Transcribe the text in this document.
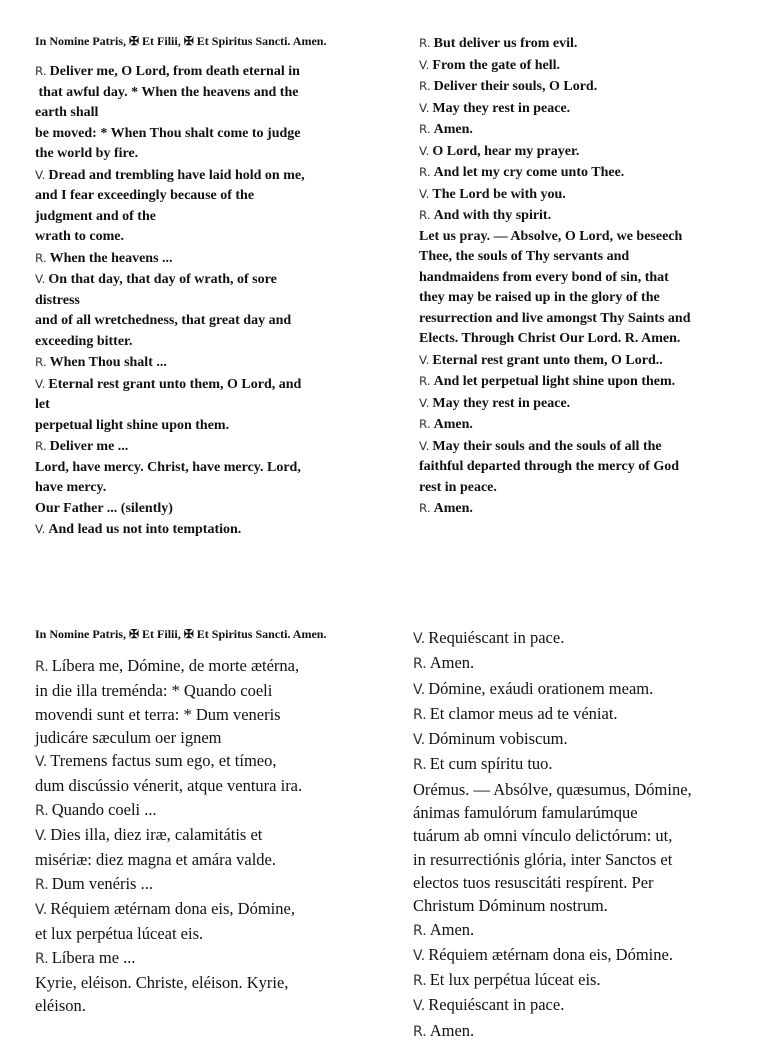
In Nomine Patris, ✠ Et Filii, ✠ Et Spiritus Sancti. Amen.
R. Deliver me, O Lord, from death eternal in
that awful day. * When the heavens and the
earth shall
be moved: * When Thou shalt come to judge
the world by fire.
V. Dread and trembling have laid hold on me,
and I fear exceedingly because of the
judgment and of the
wrath to come.
R. When the heavens ...
V. On that day, that day of wrath, of sore
distress
and of all wretchedness, that great day and
exceeding bitter.
R. When Thou shalt ...
V. Eternal rest grant unto them, O Lord, and
let
perpetual light shine upon them.
R. Deliver me ...
Lord, have mercy. Christ, have mercy. Lord,
have mercy.
Our Father ... (silently)
V. And lead us not into temptation.
R. But deliver us from evil.
V. From the gate of hell.
R. Deliver their souls, O Lord.
V. May they rest in peace.
R. Amen.
V. O Lord, hear my prayer.
R. And let my cry come unto Thee.
V. The Lord be with you.
R. And with thy spirit.
Let us pray. — Absolve, O Lord, we beseech
Thee, the souls of Thy servants and
handmaidens from every bond of sin, that
they may be raised up in the glory of the
resurrection and live amongst Thy Saints and
Elects. Through Christ Our Lord. R. Amen.
V. Eternal rest grant unto them, O Lord..
R. And let perpetual light shine upon them.
V. May they rest in peace.
R. Amen.
V. May their souls and the souls of all the
faithful departed through the mercy of God
rest in peace.
R. Amen.
In Nomine Patris, ✠ Et Filii, ✠ Et Spiritus Sancti. Amen.
R. Líbera me, Dómine, de morte ætérna,
in die illa treménda: * Quando coeli
movendi sunt et terra: * Dum veneris
judicáre sæculum oer ignem
V. Tremens factus sum ego, et tímeo,
dum discússio vénerit, atque ventura ira.
R. Quando coeli ...
V. Dies illa, diez iræ, calamitátis et
misériæ: diez magna et amára valde.
R. Dum venéris ...
V. Réquiem ætérnam dona eis, Dómine,
et lux perpétua lúceat eis.
R. Líbera me ...
Kyrie, eléison. Christe, eléison. Kyrie,
eléison.
V. Requiéscant in pace.
R. Amen.
V. Dómine, exáudi orationem meam.
R. Et clamor meus ad te véniat.
V. Dóminum vobiscum.
R. Et cum spíritu tuo.
Orémus. — Absólve, quæsumus, Dómine,
ánimas famulórum famularúmque
tuárum ab omni vínculo delictórum: ut,
in resurrectiónis glória, inter Sanctos et
electos tuos resuscitáti respírent. Per
Christum Dóminum nostrum.
R. Amen.
V. Réquiem ætérnam dona eis, Dómine.
R. Et lux perpétua lúceat eis.
V. Requiéscant in pace.
R. Amen.
